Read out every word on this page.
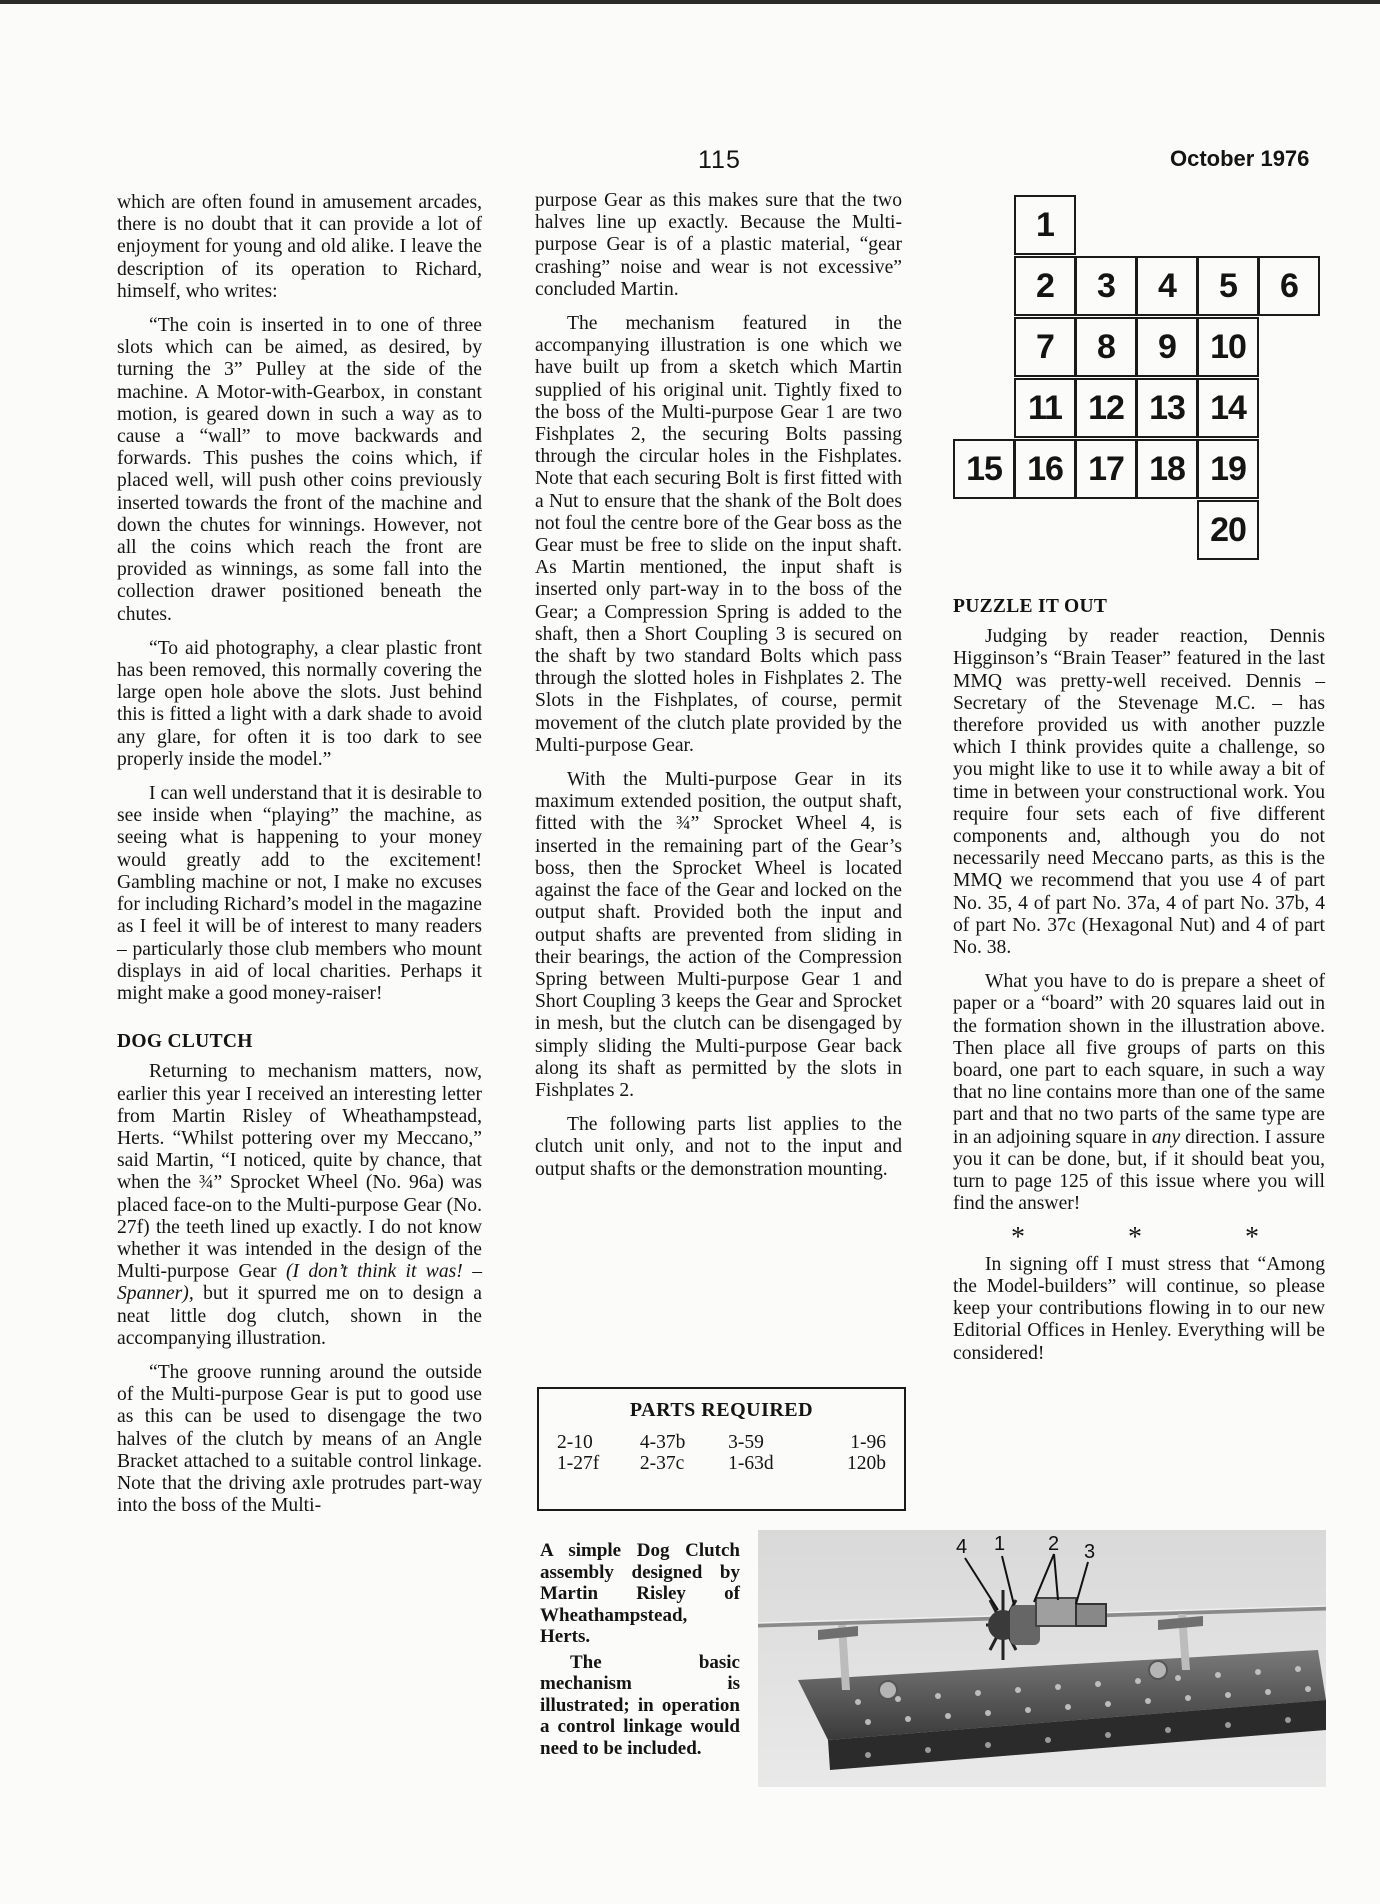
115	October 1976

which are often found in amusement arcades, there is no doubt that it can provide a lot of enjoyment for young and old alike. I leave the description of its operation to Richard, himself, who writes:

“The coin is inserted in to one of three slots which can be aimed, as desired, by turning the 3” Pulley at the side of the machine. A Motor-with-Gearbox, in constant motion, is geared down in such a way as to cause a “wall” to move backwards and forwards. This pushes the coins which, if placed well, will push other coins previously inserted towards the front of the machine and down the chutes for winnings. However, not all the coins which reach the front are provided as winnings, as some fall into the collection drawer positioned beneath the chutes.

“To aid photography, a clear plastic front has been removed, this normally covering the large open hole above the slots. Just behind this is fitted a light with a dark shade to avoid any glare, for often it is too dark to see properly inside the model.”

I can well understand that it is desirable to see inside when “playing” the machine, as seeing what is happening to your money would greatly add to the excitement! Gambling machine or not, I make no excuses for including Richard’s model in the magazine as I feel it will be of interest to many readers – particularly those club members who mount displays in aid of local charities. Perhaps it might make a good money-raiser!

DOG CLUTCH

Returning to mechanism matters, now, earlier this year I received an interesting letter from Martin Risley of Wheathampstead, Herts. “Whilst pottering over my Meccano,” said Martin, “I noticed, quite by chance, that when the ¾” Sprocket Wheel (No. 96a) was placed face-on to the Multi-purpose Gear (No. 27f) the teeth lined up exactly. I do not know whether it was intended in the design of the Multi-purpose Gear (I don’t think it was! – Spanner), but it spurred me on to design a neat little dog clutch, shown in the accompanying illustration.

“The groove running around the outside of the Multi-purpose Gear is put to good use as this can be used to disengage the two halves of the clutch by means of an Angle Bracket attached to a suitable control linkage. Note that the driving axle protrudes part-way into the boss of the Multi-

purpose Gear as this makes sure that the two halves line up exactly. Because the Multi-purpose Gear is of a plastic material, “gear crashing” noise and wear is not excessive” concluded Martin.

The mechanism featured in the accompanying illustration is one which we have built up from a sketch which Martin supplied of his original unit. Tightly fixed to the boss of the Multi-purpose Gear 1 are two Fishplates 2, the securing Bolts passing through the circular holes in the Fishplates. Note that each securing Bolt is first fitted with a Nut to ensure that the shank of the Bolt does not foul the centre bore of the Gear boss as the Gear must be free to slide on the input shaft. As Martin mentioned, the input shaft is inserted only part-way in to the boss of the Gear; a Compression Spring is added to the shaft, then a Short Coupling 3 is secured on the shaft by two standard Bolts which pass through the slotted holes in Fishplates 2. The Slots in the Fishplates, of course, permit movement of the clutch plate provided by the Multi-purpose Gear.

With the Multi-purpose Gear in its maximum extended position, the output shaft, fitted with the ¾” Sprocket Wheel 4, is inserted in the remaining part of the Gear’s boss, then the Sprocket Wheel is located against the face of the Gear and locked on the output shaft. Provided both the input and output shafts are prevented from sliding in their bearings, the action of the Compression Spring between Multi-purpose Gear 1 and Short Coupling 3 keeps the Gear and Sprocket in mesh, but the clutch can be disengaged by simply sliding the Multi-purpose Gear back along its shaft as permitted by the slots in Fishplates 2.

The following parts list applies to the clutch unit only, and not to the input and output shafts or the demonstration mounting.

PARTS REQUIRED
2-10	4-37b	3-59	1-96
1-27f	2-37c	1-63d	120b

A simple Dog Clutch assembly designed by Martin Risley of Wheathampstead, Herts.

The basic mechanism is illustrated; in operation a control linkage would need to be included.

4 1 2 3
1
2	3	4	5	6
7	8	9	10
11 12 13 14
15 16 17 18 19
20
PUZZLE IT OUT

Judging by reader reaction, Dennis Higginson’s “Brain Teaser” featured in the last MMQ was pretty-well received. Dennis – Secretary of the Stevenage M.C. – has therefore provided us with another puzzle which I think provides quite a challenge, so you might like to use it to while away a bit of time in between your constructional work. You require four sets each of five different components and, although you do not necessarily need Meccano parts, as this is the MMQ we recommend that you use 4 of part No. 35, 4 of part No. 37a, 4 of part No. 37b, 4 of part No. 37c (Hexagonal Nut) and 4 of part No. 38.

What you have to do is prepare a sheet of paper or a “board” with 20 squares laid out in the formation shown in the illustration above. Then place all five groups of parts on this board, one part to each square, in such a way that no line contains more than one of the same part and that no two parts of the same type are in an adjoining square in any direction. I assure you it can be done, but, if it should beat you, turn to page 125 of this issue where you will find the answer!

* * *

In signing off I must stress that “Among the Model-builders” will continue, so please keep your contributions flowing in to our new Editorial Offices in Henley. Everything will be considered!
